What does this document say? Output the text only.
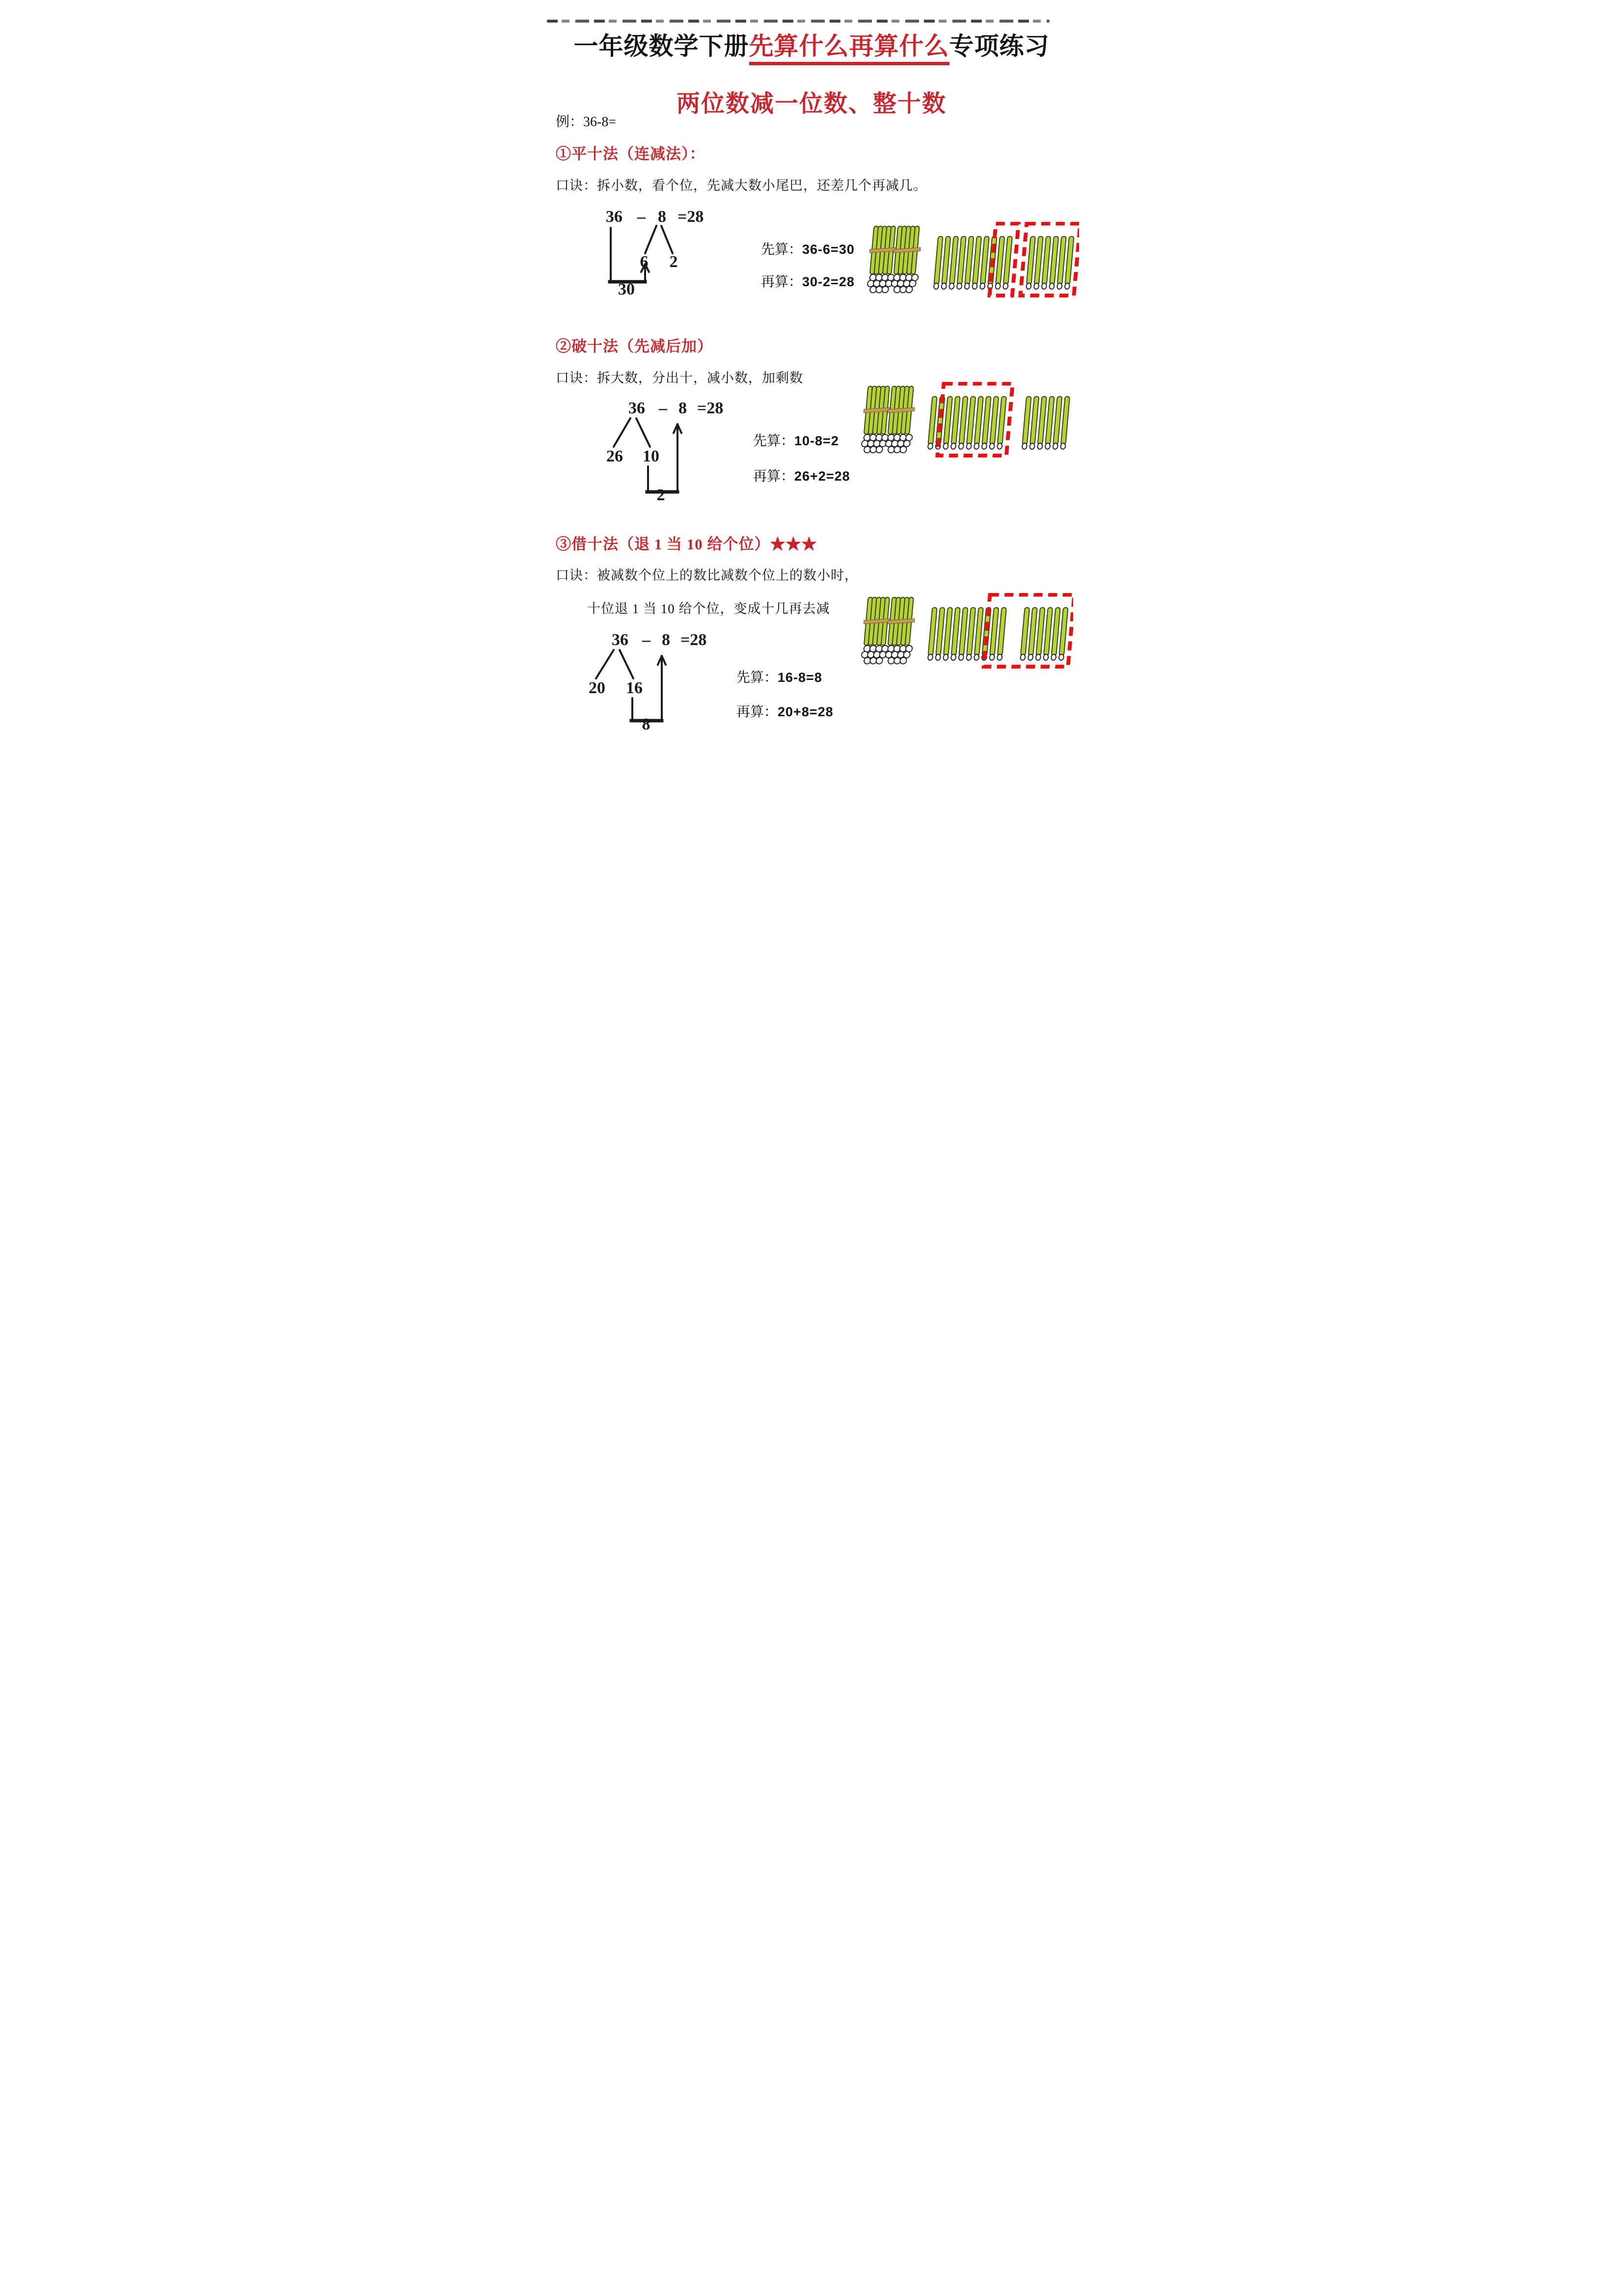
一年级数学下册先算什么再算什么专项练习
两位数减一位数、整十数
例：36-8=
①平十法（连减法）：
口诀：拆小数，看个位，先减大数小尾巴，还差几个再减几。
36 – 8 =28
6 2
30
先算：36-6=30
再算：30-2=28
②破十法（先减后加）
口诀：拆大数，分出十，减小数，加剩数
36 – 8 =28
26 10
2
先算：10-8=2
再算：26+2=28
③借十法（退 1 当 10 给个位）★★★
口诀：被减数个位上的数比减数个位上的数小时，
十位退 1 当 10 给个位，变成十几再去减
36 – 8 =28
20 16
8
先算：16-8=8
再算：20+8=28
